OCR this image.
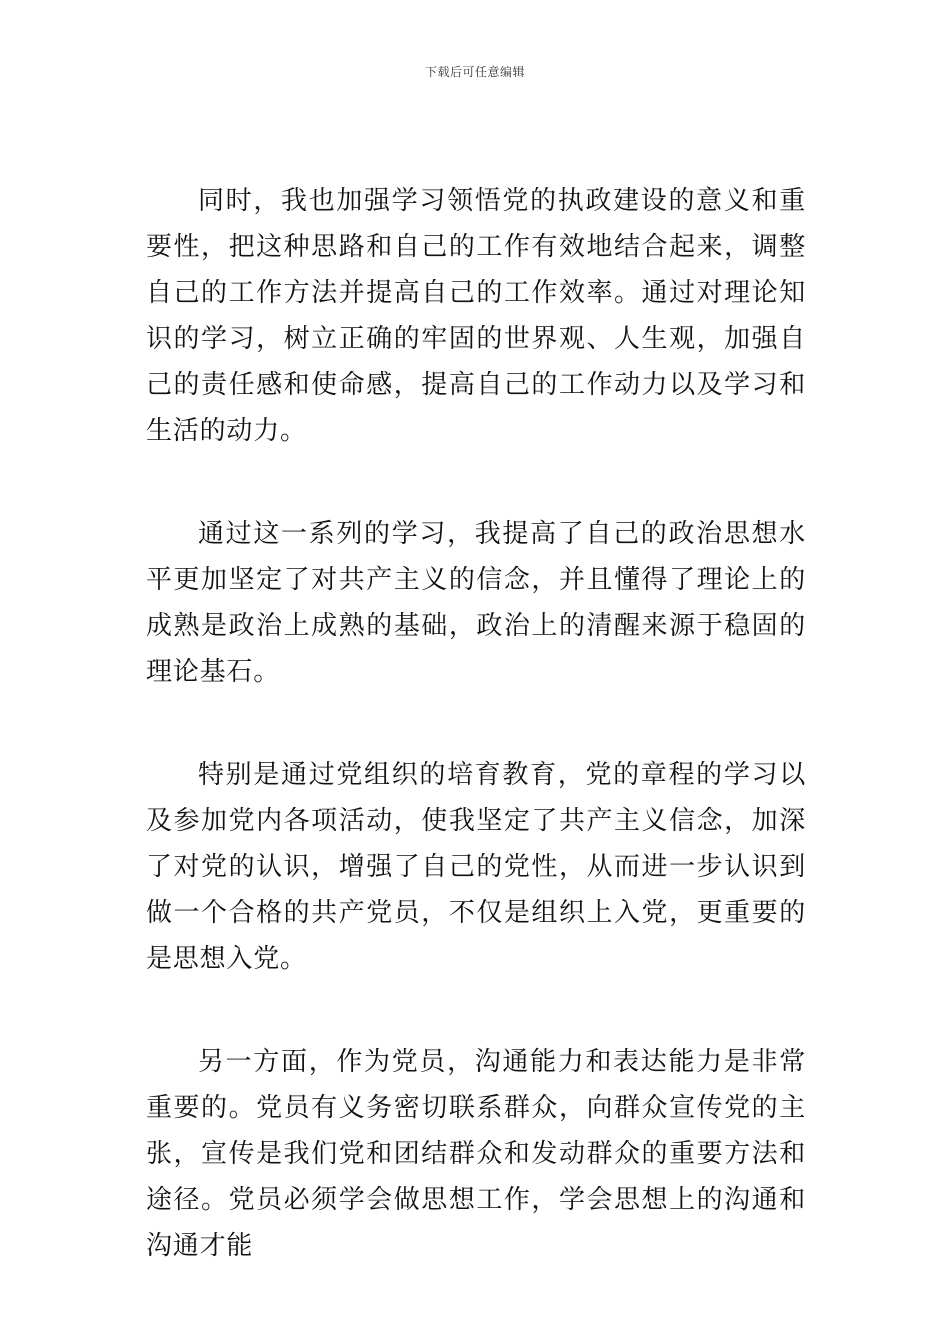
下载后可任意编辑

同时，我也加强学习领悟党的执政建设的意义和重要性，把这种思路和自己的工作有效地结合起来，调整自己的工作方法并提高自己的工作效率。通过对理论知识的学习，树立正确的牢固的世界观、人生观，加强自己的责任感和使命感，提高自己的工作动力以及学习和生活的动力。

通过这一系列的学习，我提高了自己的政治思想水平更加坚定了对共产主义的信念，并且懂得了理论上的成熟是政治上成熟的基础，政治上的清醒来源于稳固的理论基石。

特别是通过党组织的培育教育，党的章程的学习以及参加党内各项活动，使我坚定了共产主义信念，加深了对党的认识，增强了自己的党性，从而进一步认识到做一个合格的共产党员，不仅是组织上入党，更重要的是思想入党。

另一方面，作为党员，沟通能力和表达能力是非常重要的。党员有义务密切联系群众，向群众宣传党的主张，宣传是我们党和团结群众和发动群众的重要方法和途径。党员必须学会做思想工作，学会思想上的沟通和沟通才能
